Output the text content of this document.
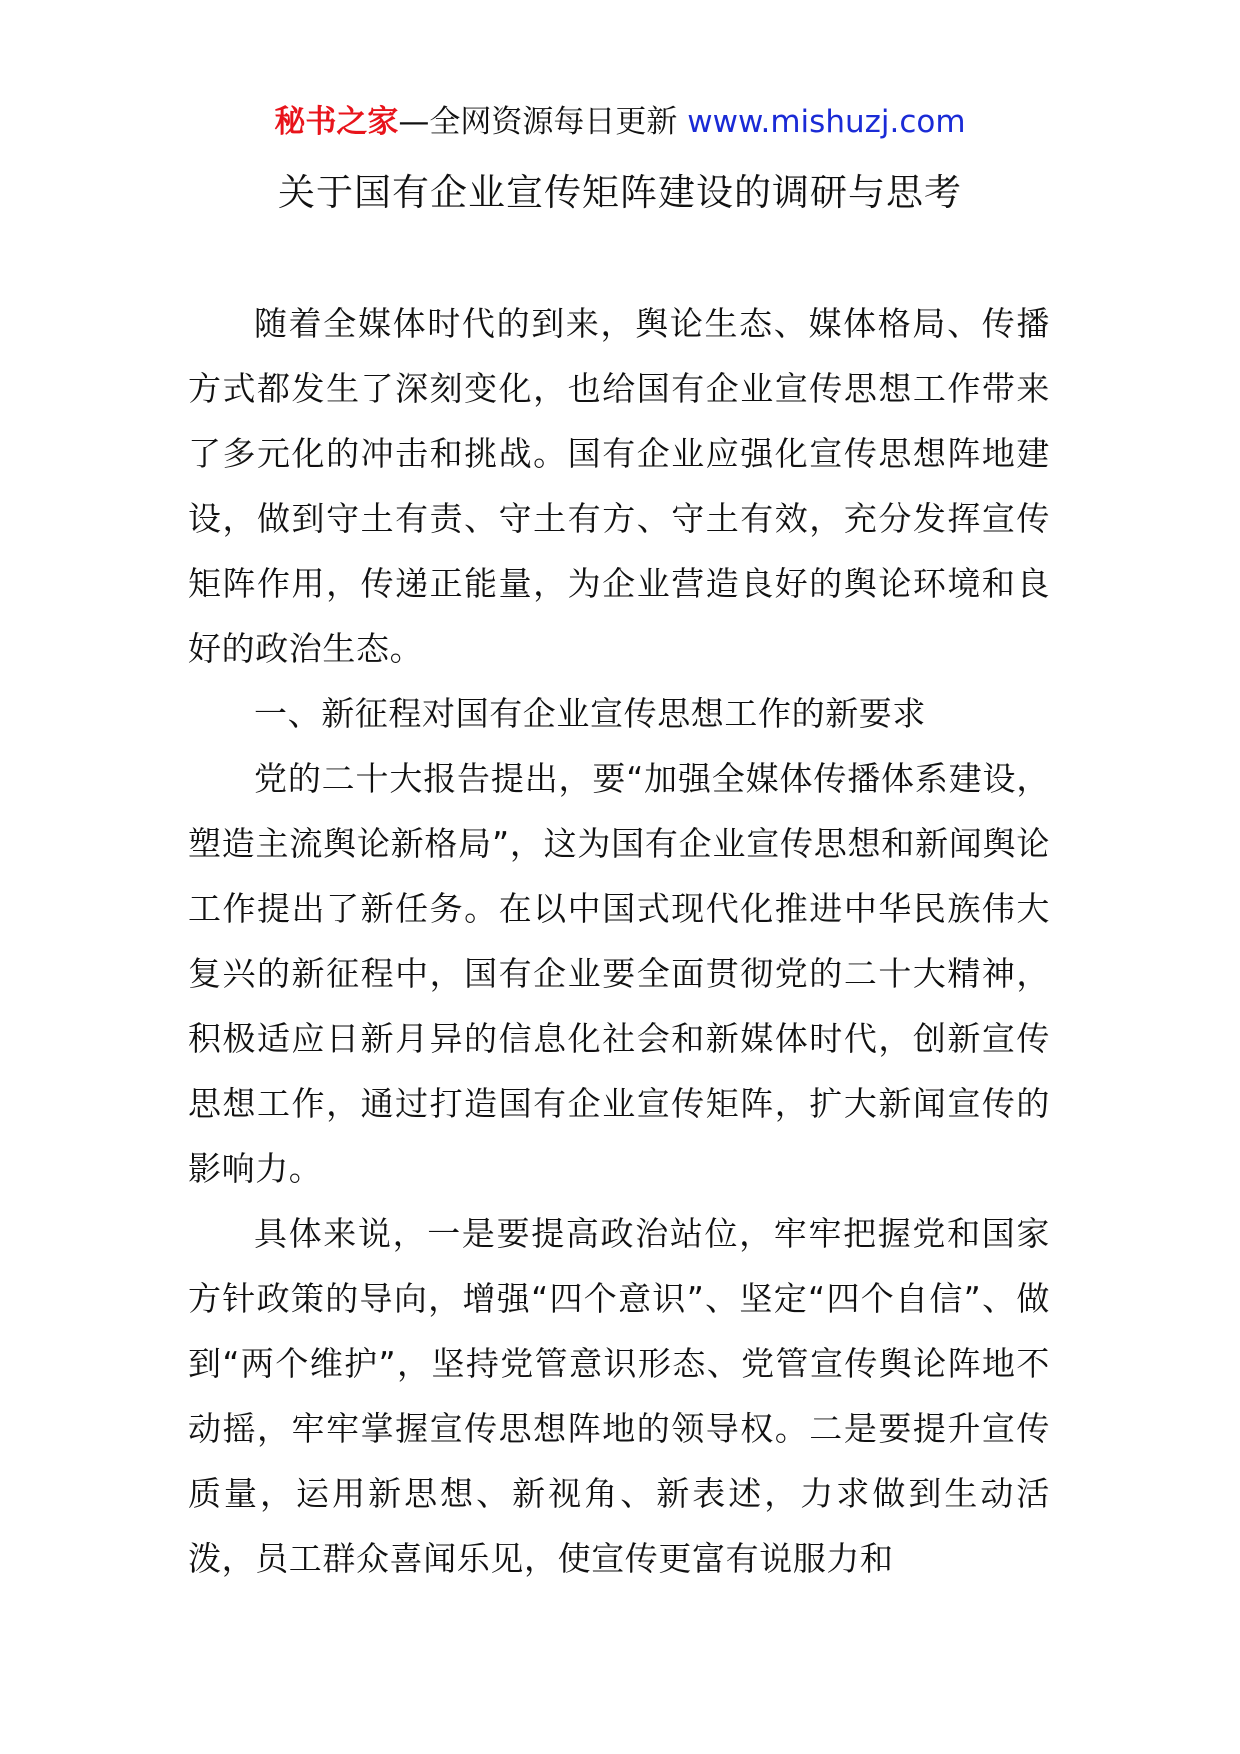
秘书之家—全网资源每日更新 www.mishuzj.com
关于国有企业宣传矩阵建设的调研与思考

随着全媒体时代的到来，舆论生态、媒体格局、传播方式都发生了深刻变化，也给国有企业宣传思想工作带来了多元化的冲击和挑战。国有企业应强化宣传思想阵地建设，做到守土有责、守土有方、守土有效，充分发挥宣传矩阵作用，传递正能量，为企业营造良好的舆论环境和良好的政治生态。

一、新征程对国有企业宣传思想工作的新要求

党的二十大报告提出，要“加强全媒体传播体系建设，塑造主流舆论新格局”，这为国有企业宣传思想和新闻舆论工作提出了新任务。在以中国式现代化推进中华民族伟大复兴的新征程中，国有企业要全面贯彻党的二十大精神，积极适应日新月异的信息化社会和新媒体时代，创新宣传思想工作，通过打造国有企业宣传矩阵，扩大新闻宣传的影响力。

具体来说，一是要提高政治站位，牢牢把握党和国家方针政策的导向，增强“四个意识”、坚定“四个自信”、做到“两个维护”，坚持党管意识形态、党管宣传舆论阵地不动摇，牢牢掌握宣传思想阵地的领导权。二是要提升宣传质量，运用新思想、新视角、新表述，力求做到生动活泼，员工群众喜闻乐见，使宣传更富有说服力和
